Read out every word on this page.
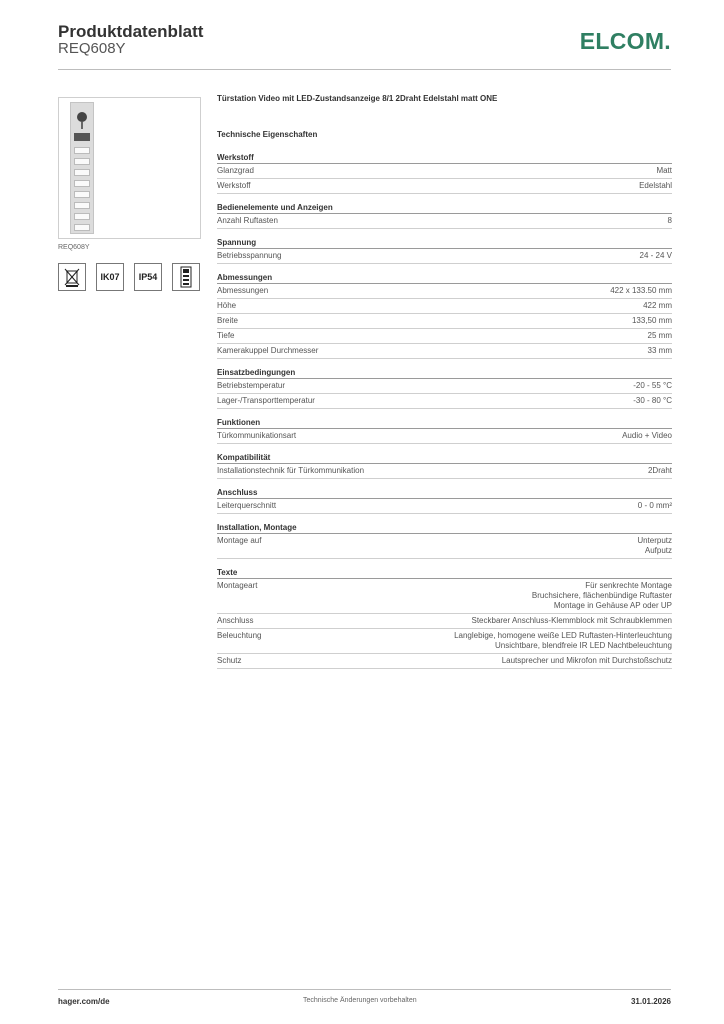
Produktdatenblatt
REQ608Y	ELCOM.
REQ608Y
IK07	IP54
Türstation Video mit LED-Zustandsanzeige 8/1 2Draht Edelstahl matt ONE
Technische Eigenschaften
Werkstoff
Glanzgrad	Matt
Werkstoff	Edelstahl
Bedienelemente und Anzeigen
Anzahl Ruftasten	8
Spannung
Betriebsspannung	24 - 24 V
Abmessungen
Abmessungen	422 x 133.50 mm
Höhe	422 mm
Breite	133,50 mm
Tiefe	25 mm
Kamerakuppel Durchmesser	33 mm
Einsatzbedingungen
Betriebstemperatur	-20 - 55 °C
Lager-/Transporttemperatur	-30 - 80 °C
Funktionen
Türkommunikationsart	Audio + Video
Kompatibilität
Installationstechnik für Türkommunikation	2Draht
Anschluss
Leiterquerschnitt	0 - 0 mm²
Installation, Montage
Montage auf	Unterputz
Aufputz
Texte
Montageart	Für senkrechte Montage
Bruchsichere, flächenbündige Ruftaster
Montage in Gehäuse AP oder UP
Anschluss	Steckbarer Anschluss-Klemmblock mit Schraubklemmen
Beleuchtung	Langlebige, homogene weiße LED Ruftasten-Hinterleuchtung
Unsichtbare, blendfreie IR LED Nachtbeleuchtung
Schutz	Lautsprecher und Mikrofon mit Durchstoßschutz
hager.com/de	Technische Änderungen vorbehalten	31.01.2026
